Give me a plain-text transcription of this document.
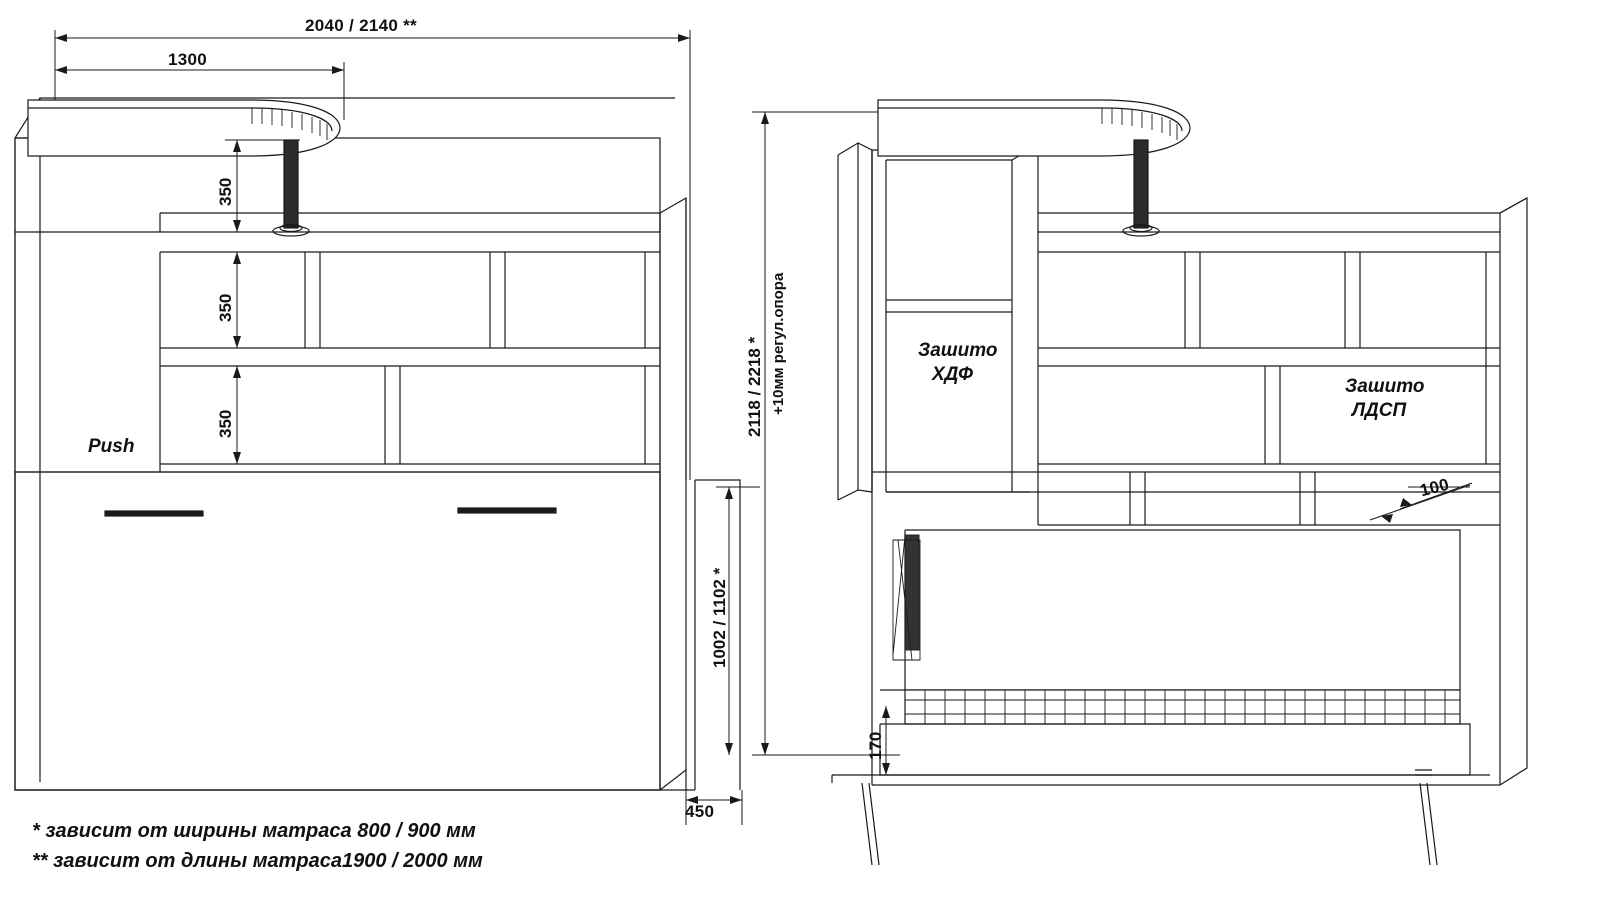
2040 / 2140 **
1300
350
350
350
Push
2118 / 2218 * +10мм регул.опора
1002 / 1102 *
450
Зашито
ХДФ
Зашито
ЛДСП
100
170
* зависит от ширины матраса 800 / 900 мм
** зависит от длины матраса1900 / 2000 мм
